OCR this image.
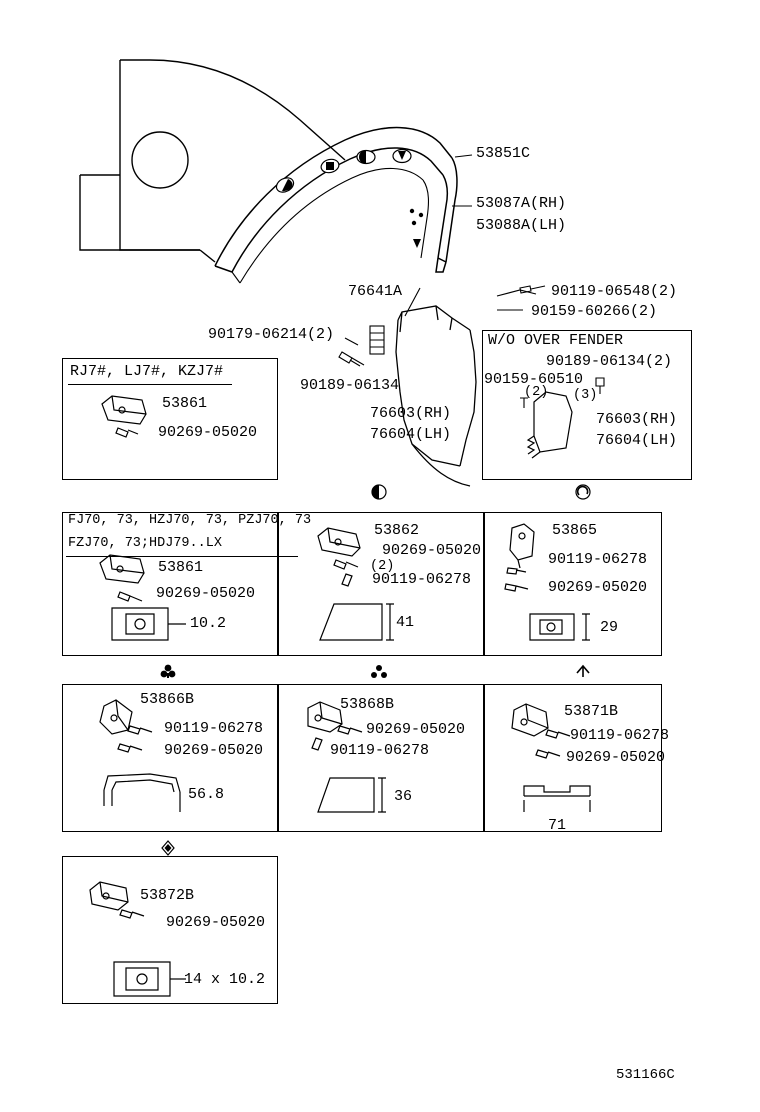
53851C
53087A(RH)
53088A(LH)
76641A	90119-06548(2)
90159-60266(2)
90179-06214(2)
90189-06134
76603(RH)
76604(LH)
W/O OVER FENDER
90189-06134(2)
90159-60510
(3)
(2)
76603(RH)
76604(LH)
RJ7#, LJ7#, KZJ7#
53861
90269-05020
FJ70, 73, HZJ70, 73, PZJ70, 73
FZJ70, 73;HDJ79..LX
53861
90269-05020
10.2
53862
90269-05020
(2)
90119-06278
41
53865
90119-06278
90269-05020
29
53866B
90119-06278
90269-05020
56.8
53868B
90269-05020
90119-06278
36
53871B
90119-06278
90269-05020
71
53872B
90269-05020
14 x 10.2
531166C
